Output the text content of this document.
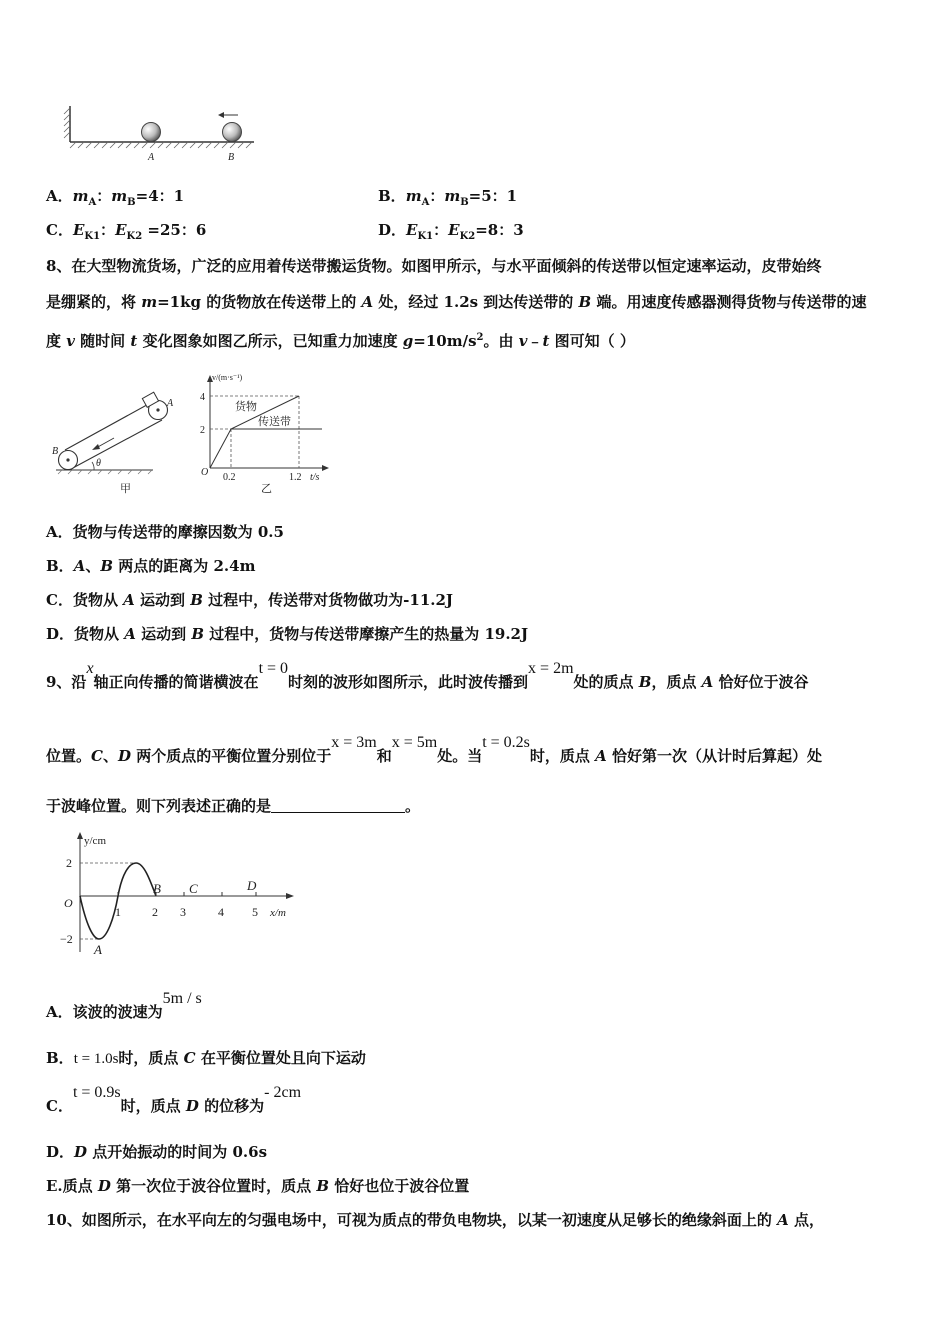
A	B
A．$m_A$：$m_B=4$：1	B．$m_A$：$m_B=5$：1
C．$E_{K1}$：$E_{K2} =25$：6	D．$E_{K1}$：$E_{K2}=8$：3
8、在大型物流货场，广泛的应用着传送带搬运货物。如图甲所示，与水平面倾斜的传送带以恒定速率运动，皮带始终
是绷紧的，将 m=1kg 的货物放在传送带上的 A 处，经过 1.2s 到达传送带的 B 端。用速度传感器测得货物与传送带的速
度 v 随时间 t 变化图象如图乙所示，已知重力加速度 $g=10m/s^2$。由 v﹣t 图可知（ ）
θ
A
B
甲
v/(m·s⁻¹)
4
2
O 0.2	1.2 t/s
货物
传送带
乙
A．货物与传送带的摩擦因数为 0.5
B．A、B 两点的距离为 2.4m
C．货物从 A 运动到 B 过程中，传送带对货物做功为-11.2J
D．货物从 A 运动到 B 过程中，货物与传送带摩擦产生的热量为 19.2J
9、沿x轴正向传播的简谐横波在t = 0时刻的波形如图所示，此时波传播到x = 2m处的质点 B，质点 A 恰好位于波谷
位置。C、D 两个质点的平衡位置分别位于x = 3m和x = 5m处。当t = 0.2s时，质点 A 恰好第一次（从计时后算起）处
于波峰位置。则下列表述正确的是	。
y/cm
2
−2
O
1	2 3	4 5 x/m
A
B C	D
A．该波的波速为5m / s
B．t = 1.0s时，质点 C 在平衡位置处且向下运动
C．t = 0.9s时，质点 D 的位移为- 2cm
D．D 点开始振动的时间为 0.6s
E.质点 D 第一次位于波谷位置时，质点 B 恰好也位于波谷位置
10、如图所示，在水平向左的匀强电场中，可视为质点的带负电物块，以某一初速度从足够长的绝缘斜面上的 A 点，
